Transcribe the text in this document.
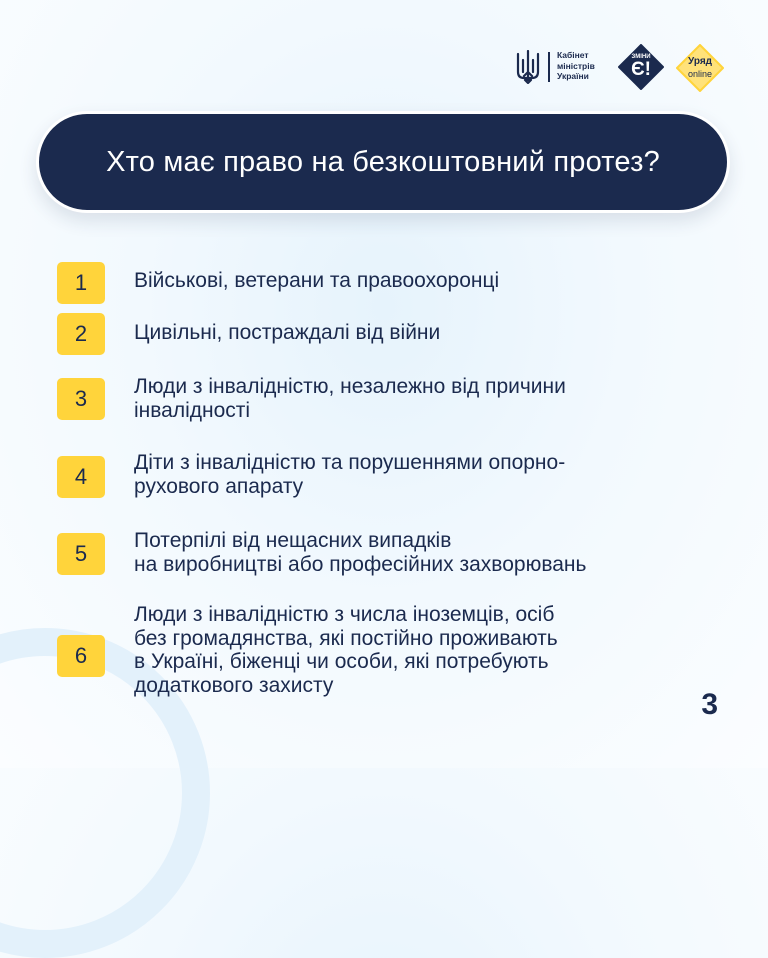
Кабінет
міністрів
України
ЗМІНИ
Є!	Уряд
online
Хто має право на безкоштовний протез?
1	Військові, ветерани та правоохоронці
2	Цивільні, постраждалі від війни
3	Люди з інвалідністю, незалежно від причини
інвалідності
4
Діти з інвалідністю та порушеннями опорно-
рухового апарату
5
Потерпілі від нещасних випадків
на виробництві або професійних захворювань
6
Люди з інвалідністю з числа іноземців, осіб
без громадянства, які постійно проживають
в Україні, біженці чи особи, які потребують
додаткового захисту
3
